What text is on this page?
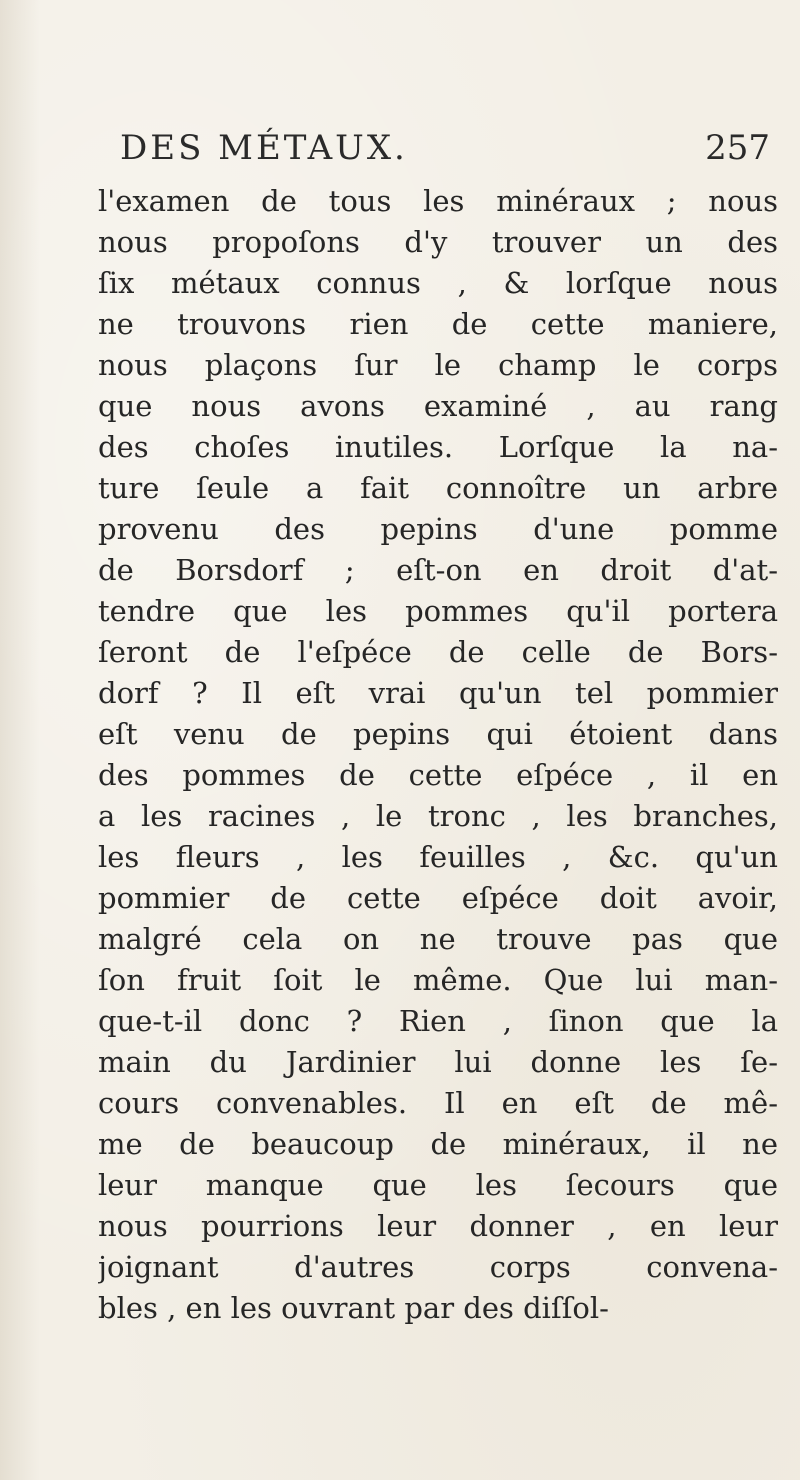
DES MÉTAUX.	257
l'examen de tous les minéraux ; nous
nous propoſons d'y trouver un des
ſix métaux connus , & lorſque nous
ne trouvons rien de cette maniere,
nous plaçons ſur le champ le corps
que nous avons examiné , au rang
des choſes inutiles. Lorſque la na-
ture ſeule a fait connoître un arbre
provenu des pepins d'une pomme
de Borsdorf ; eſt-on en droit d'at-
tendre que les pommes qu'il portera
ſeront de l'eſpéce de celle de Bors-
dorf ? Il eſt vrai qu'un tel pommier
eſt venu de pepins qui étoient dans
des pommes de cette eſpéce , il en
a les racines , le tronc , les branches,
les fleurs , les feuilles , &c. qu'un
pommier de cette eſpéce doit avoir,
malgré cela on ne trouve pas que
ſon fruit ſoit le même. Que lui man-
que-t-il donc ? Rien , ſinon que la
main du Jardinier lui donne les ſe-
cours convenables. Il en eſt de mê-
me de beaucoup de minéraux, il ne
leur manque que les ſecours que
nous pourrions leur donner , en leur
joignant d'autres corps convena-
bles , en les ouvrant par des diſſol-
